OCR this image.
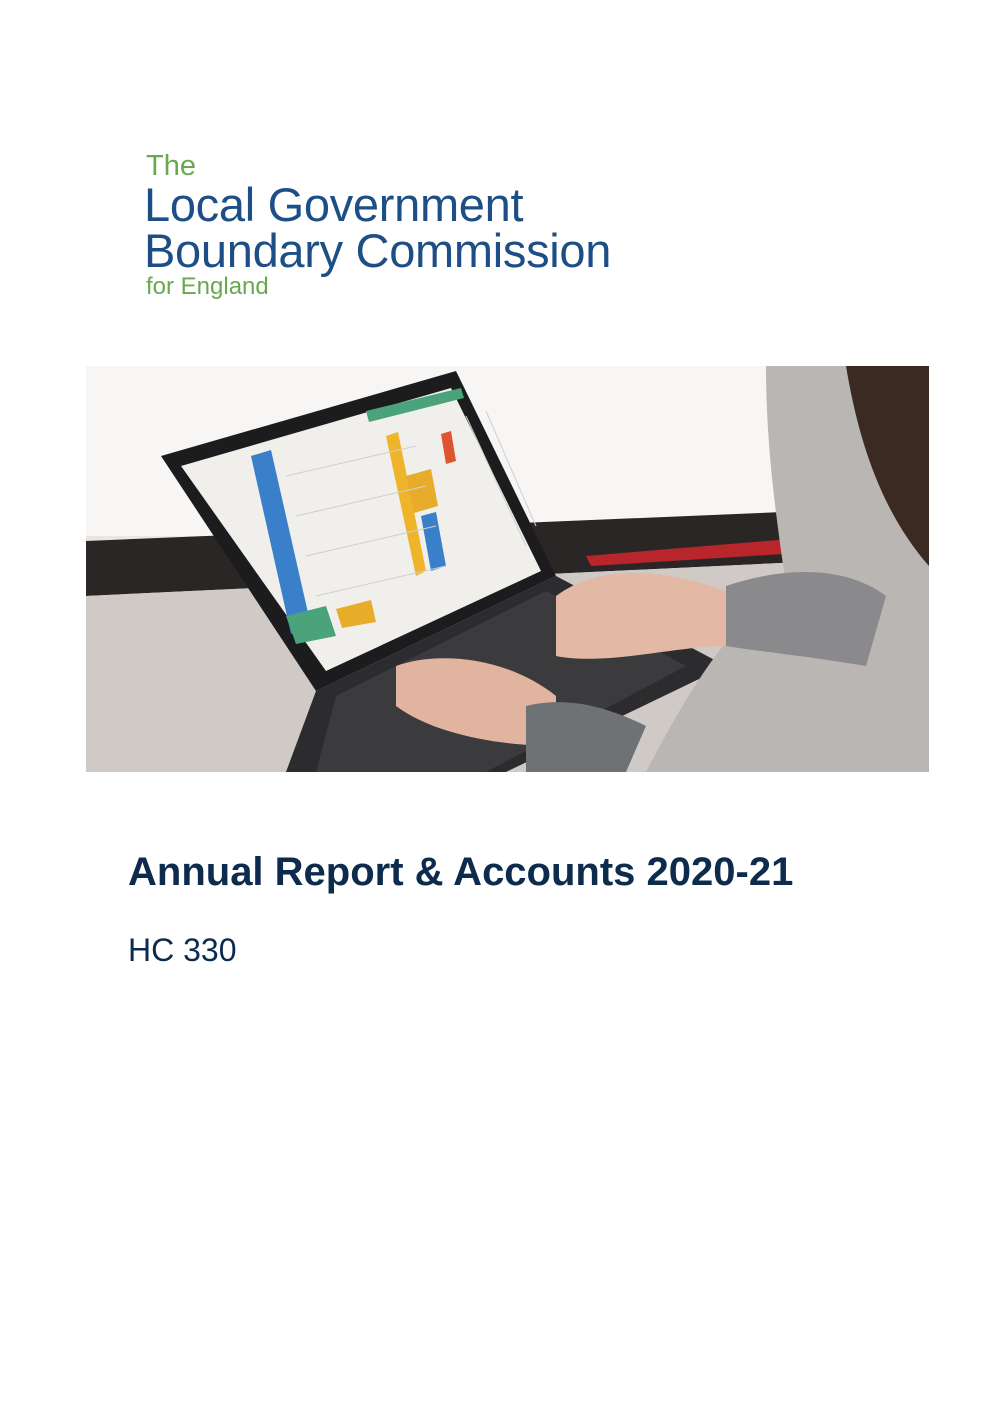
The
Local Government
Boundary Commission
for England
Annual Report & Accounts 2020-21
HC 330
